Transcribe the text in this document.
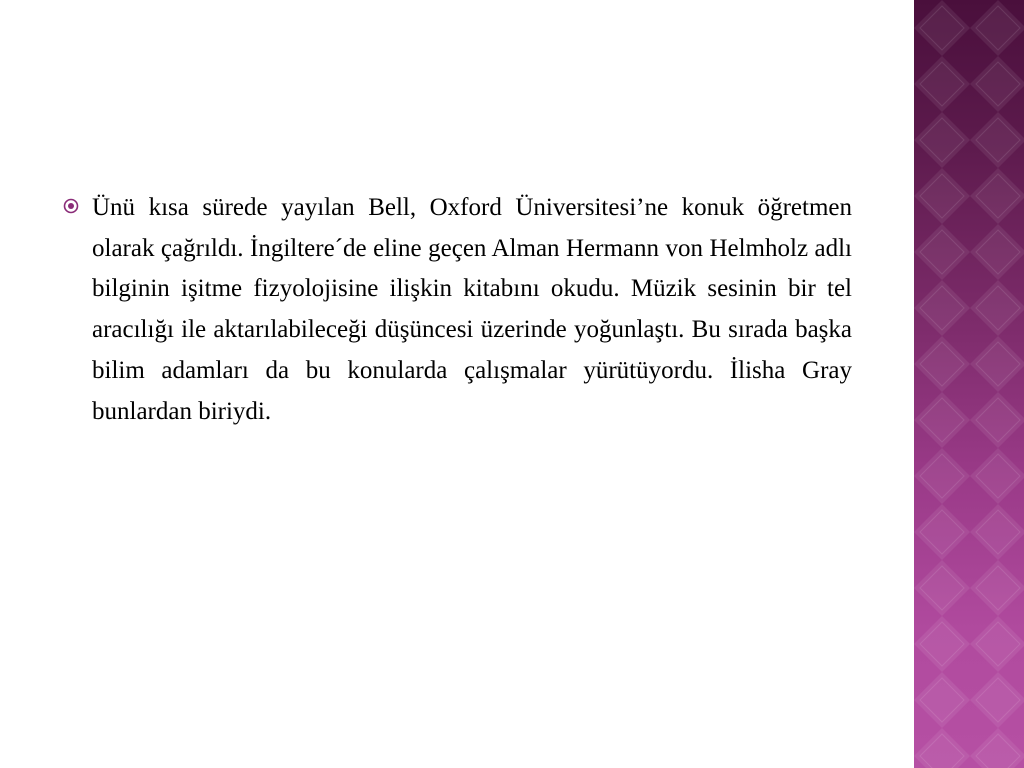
Ünü kısa sürede yayılan Bell, Oxford Üniversitesi’ne konuk öğretmen olarak çağrıldı. İngiltere´de eline geçen Alman Hermann von Helmholz adlı bilginin işitme fizyolojisine ilişkin kitabını okudu. Müzik sesinin bir tel aracılığı ile aktarılabileceği düşüncesi üzerinde yoğunlaştı. Bu sırada başka bilim adamları da bu konularda çalışmalar yürütüyordu. İlisha Gray bunlardan biriydi.
